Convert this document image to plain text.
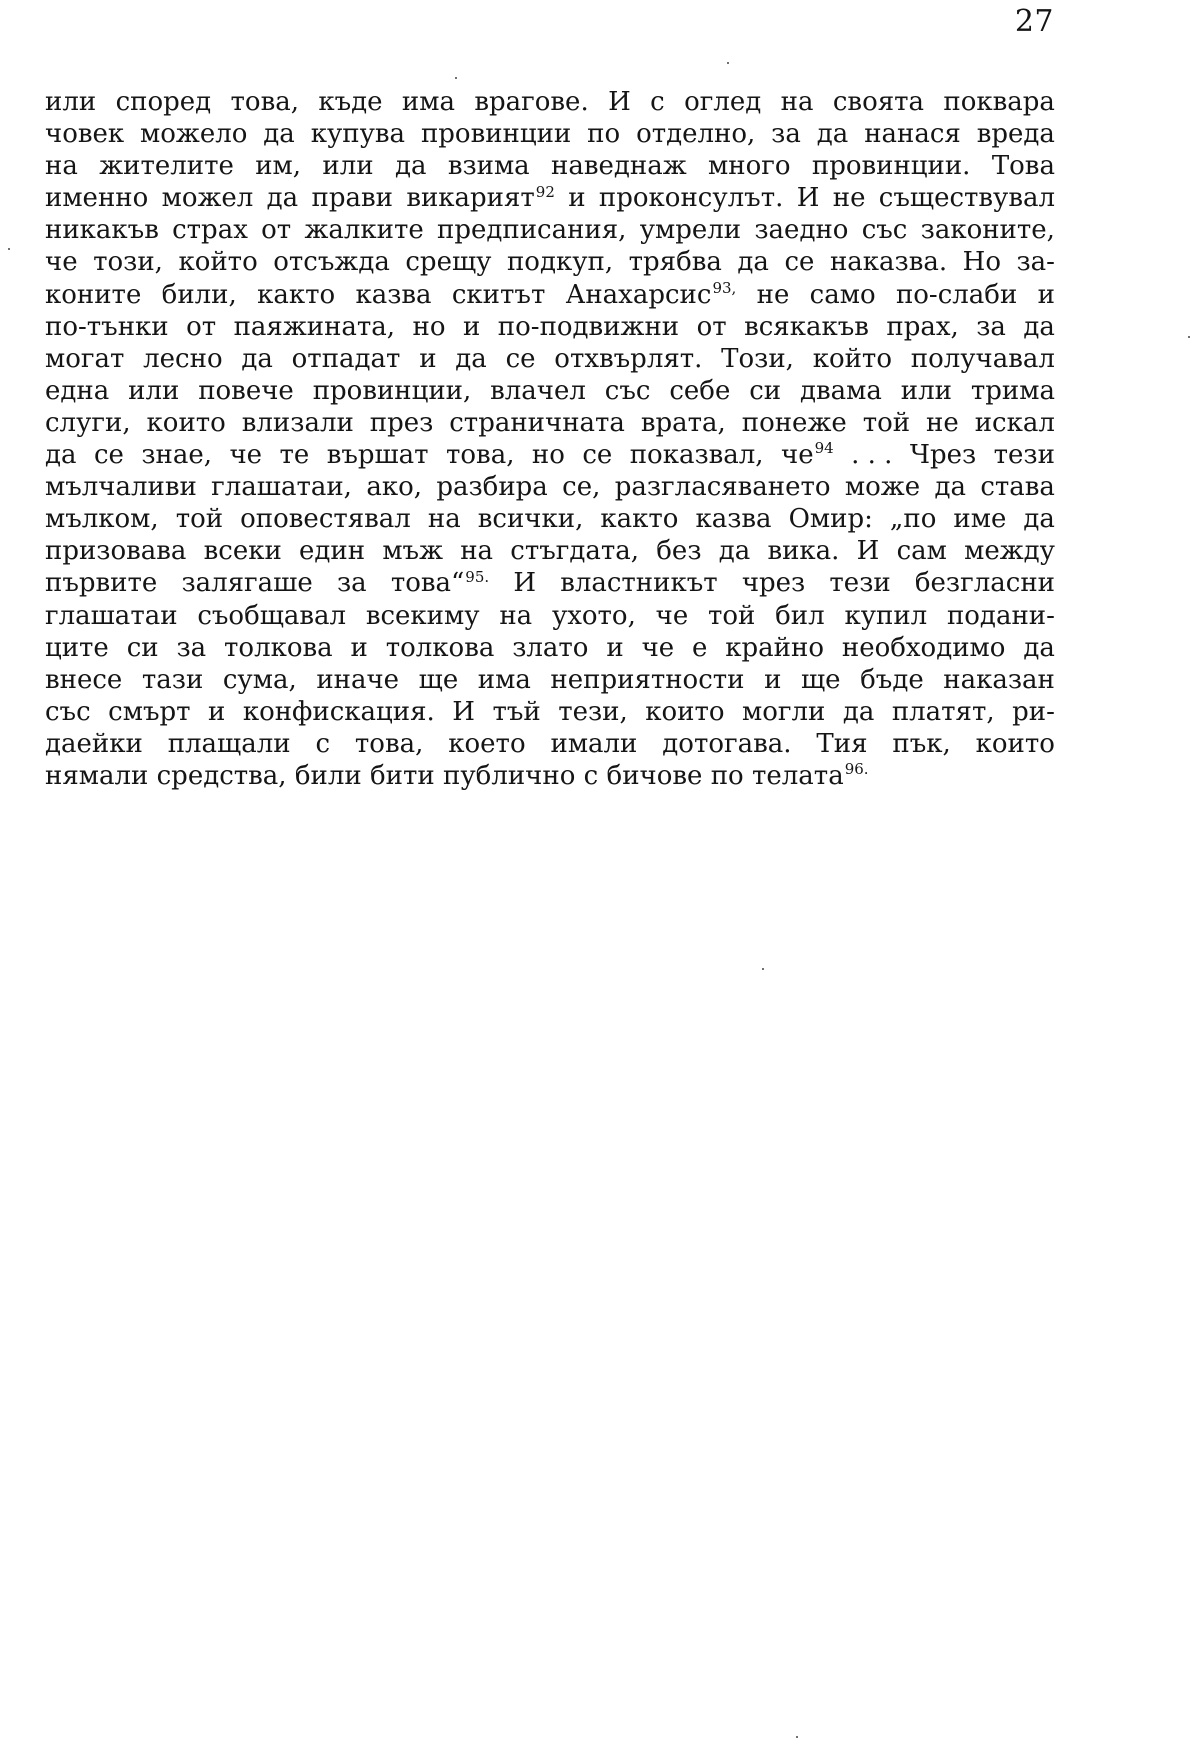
27
или според това, къде има врагове. И с оглед на своята покварa
човек можело да купува провинции по отделно, за да нанася вреда
на жителите им, или да взима наведнаж много провинции. Това
именно можел да прави викарият$^{92}$ и проконсулът. И не съществувал
никакъв страх от жалките предписания, умрели заедно със законите,
че този, който отсъжда срещу подкуп, трябва да се наказва. Но за-
коните били, както казва скитът Анахарсис$^{93,}$ не само по-слаби и
по-тънки от паяжината, но и по-подвижни от всякакъв прах, за да
могат лесно да отпадат и да се отхвърлят. Този, който получавал
една или повече провинции, влачел със себе си двама или трима
слуги, които влизали през страничната врата, понеже той не искал
да се знае, че те вършат това, но се показвал, че$^{94}$ . . . Чрез тези
мълчаливи глашатаи, ако, разбира се, разгласяването може да става
мълком, той оповестявал на всички, както казва Омир: „по име да
призовава всеки един мъж на стъгдата, без да вика. И сам между
първите залягаше за това“$^{95.}$ И властникът чрез тези безгласни
глашатаи съобщавал всекиму на ухото, че той бил купил подани-
ците си за толкова и толкова злато и че е крайно необходимо да
внесе тази сума, иначе ще има неприятности и ще бъде наказан
със смърт и конфискация. И тъй тези, които могли да платят, ри-
даейки плащали с това, което имали дотогава. Тия пък, които
нямали средства, били бити публично с бичове по телата$^{96.}$
